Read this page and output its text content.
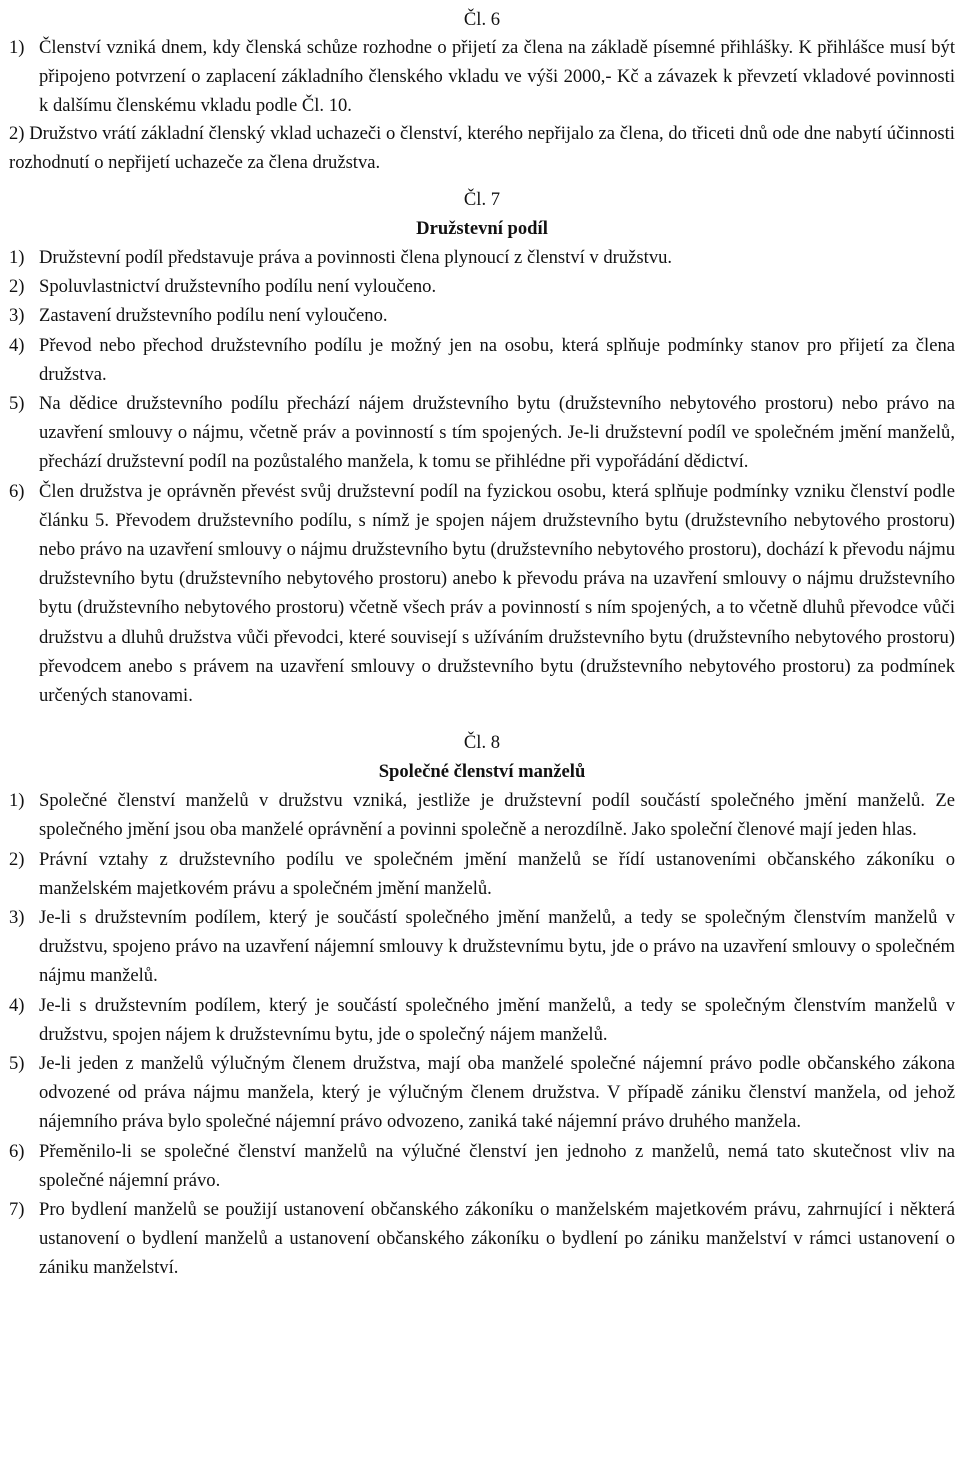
Čl. 6
1) Členství vzniká dnem, kdy členská schůze rozhodne o přijetí za člena na základě písemné přihlášky. K přihlášce musí být připojeno potvrzení o zaplacení základního členského vkladu ve výši 2000,- Kč a závazek k převzetí vkladové povinnosti k dalšímu členskému vkladu podle Čl. 10.
2) Družstvo vrátí základní členský vklad uchazeči o členství, kterého nepřijalo za člena, do třiceti dnů ode dne nabytí účinnosti rozhodnutí o nepřijetí uchazeče za člena družstva.
Čl. 7
Družstevní podíl
1) Družstevní podíl představuje práva a povinnosti člena plynoucí z členství v družstvu.
2) Spoluvlastnictví družstevního podílu není vyloučeno.
3) Zastavení družstevního podílu není vyloučeno.
4) Převod nebo přechod družstevního podílu je možný jen na osobu, která splňuje podmínky stanov pro přijetí za člena družstva.
5) Na dědice družstevního podílu přechází nájem družstevního bytu (družstevního nebytového prostoru) nebo právo na uzavření smlouvy o nájmu, včetně práv a povinností s tím spojených. Je-li družstevní podíl ve společném jmění manželů, přechází družstevní podíl na pozůstalého manžela, k tomu se přihlédne při vypořádání dědictví.
6) Člen družstva je oprávněn převést svůj družstevní podíl na fyzickou osobu, která splňuje podmínky vzniku členství podle článku 5. Převodem družstevního podílu, s nímž je spojen nájem družstevního bytu (družstevního nebytového prostoru) nebo právo na uzavření smlouvy o nájmu družstevního bytu (družstevního nebytového prostoru), dochází k převodu nájmu družstevního bytu (družstevního nebytového prostoru) anebo k převodu práva na uzavření smlouvy o nájmu družstevního bytu (družstevního nebytového prostoru) včetně všech práv a povinností s ním spojených, a to včetně dluhů převodce vůči družstvu a dluhů družstva vůči převodci, které souvisejí s užíváním družstevního bytu (družstevního nebytového prostoru) převodcem anebo s právem na uzavření smlouvy o družstevního bytu (družstevního nebytového prostoru) za podmínek určených stanovami.
Čl. 8
Společné členství manželů
1) Společné členství manželů v družstvu vzniká, jestliže je družstevní podíl součástí společného jmění manželů. Ze společného jmění jsou oba manželé oprávnění a povinni společně a nerozdílně. Jako společní členové mají jeden hlas.
2) Právní vztahy z družstevního podílu ve společném jmění manželů se řídí ustanoveními občanského zákoníku o manželském majetkovém právu a společném jmění manželů.
3) Je-li s družstevním podílem, který je součástí společného jmění manželů, a tedy se společným členstvím manželů v družstvu, spojeno právo na uzavření nájemní smlouvy k družstevnímu bytu, jde o právo na uzavření smlouvy o společném nájmu manželů.
4) Je-li s družstevním podílem, který je součástí společného jmění manželů, a tedy se společným členstvím manželů v družstvu, spojen nájem k družstevnímu bytu, jde o společný nájem manželů.
5) Je-li jeden z manželů výlučným členem družstva, mají oba manželé společné nájemní právo podle občanského zákona odvozené od práva nájmu manžela, který je výlučným členem družstva. V případě zániku členství manžela, od jehož nájemního práva bylo společné nájemní právo odvozeno, zaniká také nájemní právo druhého manžela.
6) Přeměnilo-li se společné členství manželů na výlučné členství jen jednoho z manželů, nemá tato skutečnost vliv na společné nájemní právo.
7) Pro bydlení manželů se použijí ustanovení občanského zákoníku o manželském majetkovém právu, zahrnující i některá ustanovení o bydlení manželů a ustanovení občanského zákoníku o bydlení po zániku manželství v rámci ustanovení o zániku manželství.
